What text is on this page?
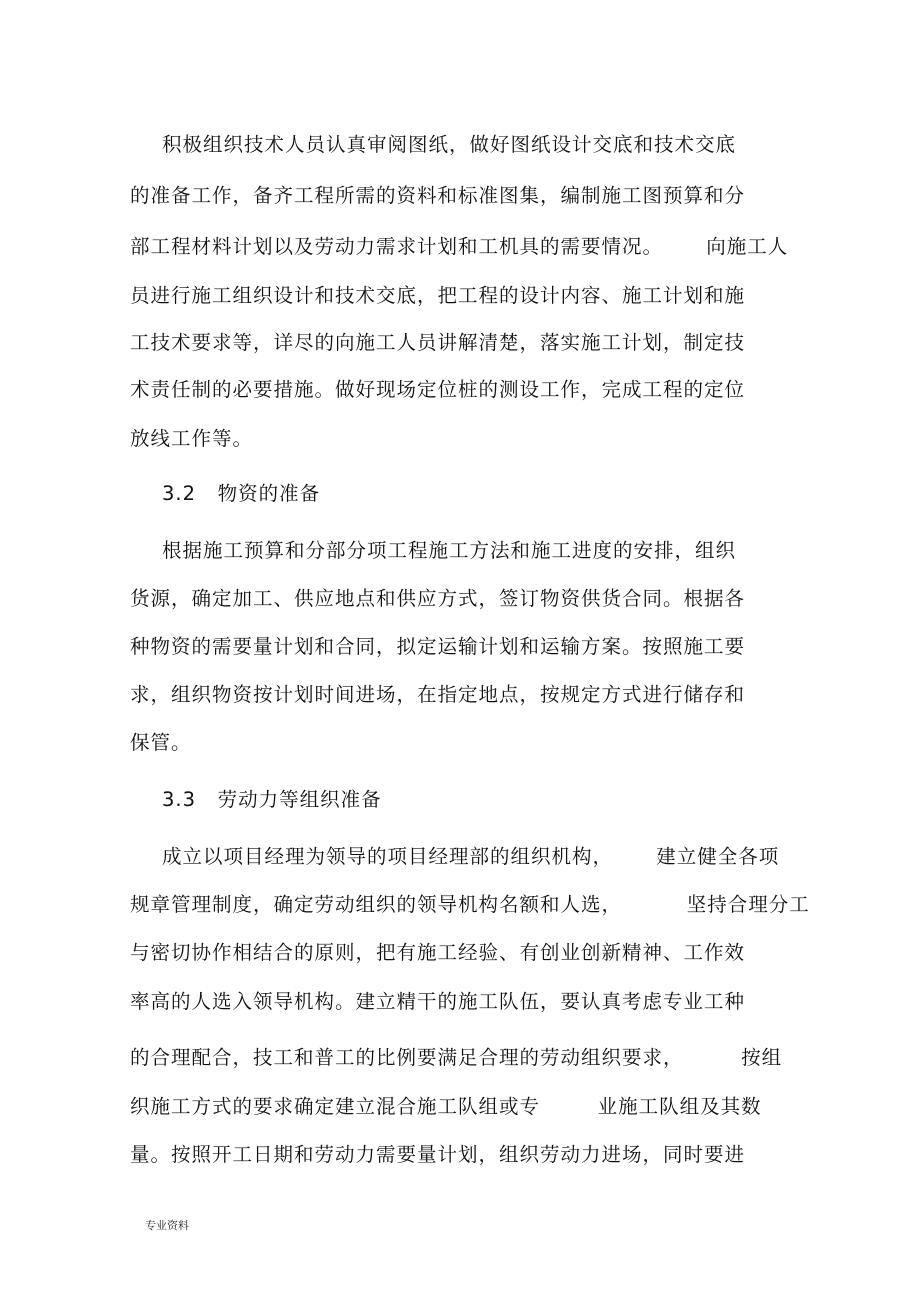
积极组织技术人员认真审阅图纸，做好图纸设计交底和技术交底
的准备工作，备齐工程所需的资料和标准图集，编制施工图预算和分
部工程材料计划以及劳动力需求计划和工机具的需要情况。      向施工人
员进行施工组织设计和技术交底，把工程的设计内容、施工计划和施
工技术要求等，详尽的向施工人员讲解清楚，落实施工计划，制定技
术责任制的必要措施。做好现场定位桩的测设工作，完成工程的定位
放线工作等。
3.2   物资的准备
根据施工预算和分部分项工程施工方法和施工进度的安排，组织
货源，确定加工、供应地点和供应方式，签订物资供货合同。根据各
种物资的需要量计划和合同，拟定运输计划和运输方案。按照施工要
求，组织物资按计划时间进场，在指定地点，按规定方式进行储存和
保管。
3.3   劳动力等组织准备
成立以项目经理为领导的项目经理部的组织机构，      建立健全各项
规章管理制度，确定劳动组织的领导机构名额和人选，         坚持合理分工
与密切协作相结合的原则，把有施工经验、有创业创新精神、工作效
率高的人选入领导机构。建立精干的施工队伍，要认真考虑专业工种
的合理配合，技工和普工的比例要满足合理的劳动组织要求，        按组
织施工方式的要求确定建立混合施工队组或专        业施工队组及其数
量。按照开工日期和劳动力需要量计划，组织劳动力进场，同时要进
专业资料
